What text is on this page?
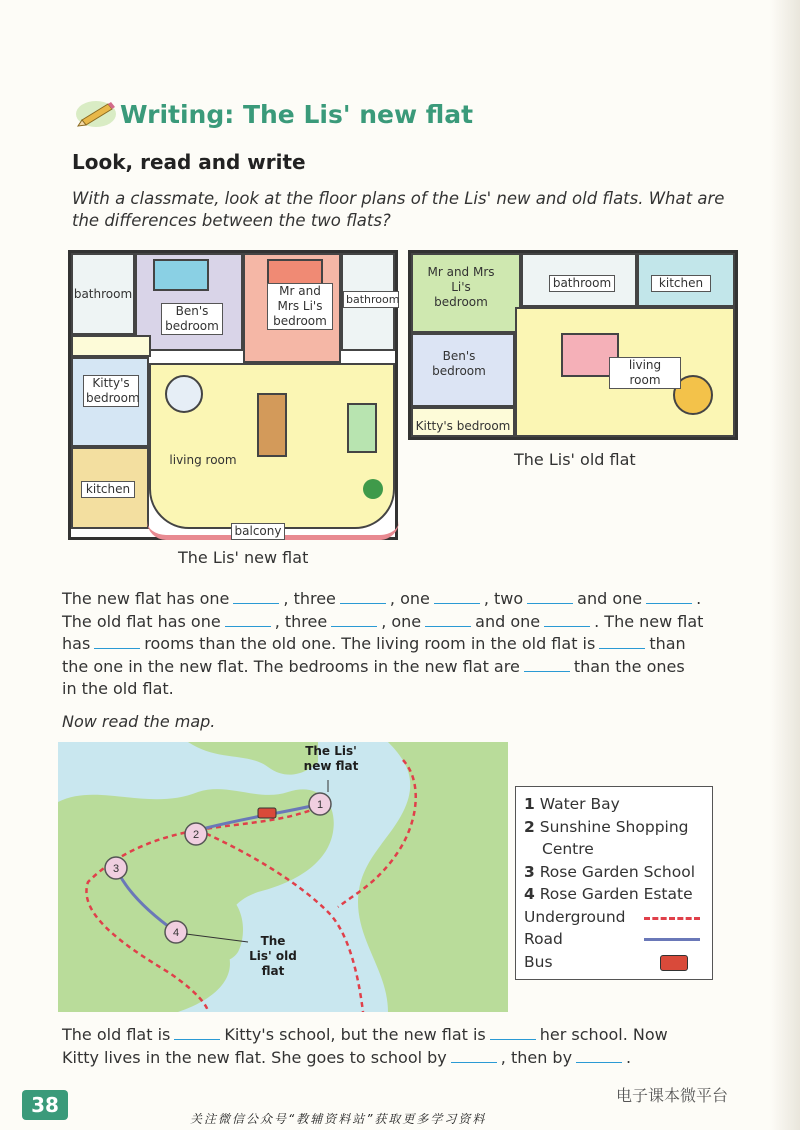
Writing: The Lis' new flat
Look, read and write
With a classmate, look at the floor plans of the Lis' new and old flats. What are the differences between the two flats?
bathroom
Ben's bedroom
Mr and Mrs Li's bedroom
bathroom
Kitty's bedroom
living room
kitchen
balcony
The Lis' new flat
Mr and Mrs Li's bedroom
bathroom	kitchen
Ben's bedroom	living room
Kitty's bedroom
The Lis' old flat
The new flat has one	, three	, one	, two	and one	.
The old flat has one	, three	, one	and one	. The new flat
has	rooms than the old one. The living room in the old flat is	than
the one in the new flat. The bedrooms in the new flat are	than the ones
in the old flat.
Now read the map.
1
2
3
4
The Lis' new flat
The Lis' old flat
1 Water Bay
2 Sunshine Shopping Centre
3 Rose Garden School
4 Rose Garden Estate
Underground
Road
Bus
The old flat is	Kitty's school, but the new flat is	her school. Now
Kitty lives in the new flat. She goes to school by	, then by	.
38	电子课本微平台
关注微信公众号“教辅资料站”获取更多学习资料
